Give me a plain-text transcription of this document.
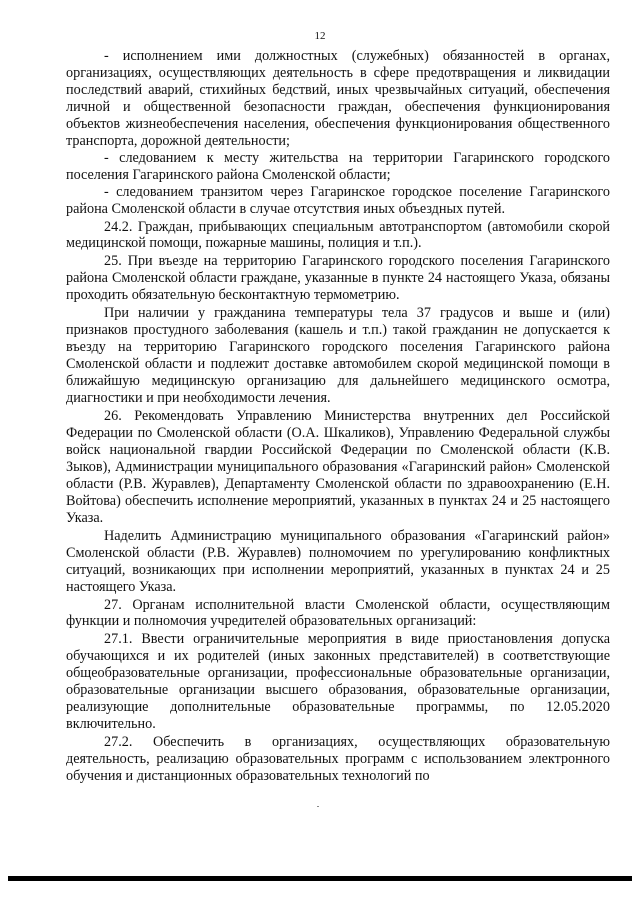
12

- исполнением ими должностных (служебных) обязанностей в органах, организациях, осуществляющих деятельность в сфере предотвращения и ликвидации последствий аварий, стихийных бедствий, иных чрезвычайных ситуаций, обеспечения личной и общественной безопасности граждан, обеспечения функционирования объектов жизнеобеспечения населения, обеспечения функционирования общественного транспорта, дорожной деятельности;

- следованием к месту жительства на территории Гагаринского городского поселения Гагаринского района Смоленской области;

- следованием транзитом через Гагаринское городское поселение Гагаринского района Смоленской области в случае отсутствия иных объездных путей.

24.2. Граждан, прибывающих специальным автотранспортом (автомобили скорой медицинской помощи, пожарные машины, полиция и т.п.).

25. При въезде на территорию Гагаринского городского поселения Гагаринского района Смоленской области граждане, указанные в пункте 24 настоящего Указа, обязаны проходить обязательную бесконтактную термометрию.

При наличии у гражданина температуры тела 37 градусов и выше и (или) признаков простудного заболевания (кашель и т.п.) такой гражданин не допускается к въезду на территорию Гагаринского городского поселения Гагаринского района Смоленской области и подлежит доставке автомобилем скорой медицинской помощи в ближайшую медицинскую организацию для дальнейшего медицинского осмотра, диагностики и при необходимости лечения.

26. Рекомендовать Управлению Министерства внутренних дел Российской Федерации по Смоленской области (О.А. Шкаликов), Управлению Федеральной службы войск национальной гвардии Российской Федерации по Смоленской области (К.В. Зыков), Администрации муниципального образования «Гагаринский район» Смоленской области (Р.В. Журавлев), Департаменту Смоленской области по здравоохранению (Е.Н. Войтова) обеспечить исполнение мероприятий, указанных в пунктах 24 и 25 настоящего Указа.

Наделить Администрацию муниципального образования «Гагаринский район» Смоленской области (Р.В. Журавлев) полномочием по урегулированию конфликтных ситуаций, возникающих при исполнении мероприятий, указанных в пунктах 24 и 25 настоящего Указа.

27. Органам исполнительной власти Смоленской области, осуществляющим функции и полномочия учредителей образовательных организаций:

27.1. Ввести ограничительные мероприятия в виде приостановления допуска обучающихся и их родителей (иных законных представителей) в соответствующие общеобразовательные организации, профессиональные образовательные организации, образовательные организации высшего образования, образовательные организации, реализующие дополнительные образовательные программы, по 12.05.2020 включительно.

27.2. Обеспечить в организациях, осуществляющих образовательную деятельность, реализацию образовательных программ с использованием электронного обучения и дистанционных образовательных технологий по
